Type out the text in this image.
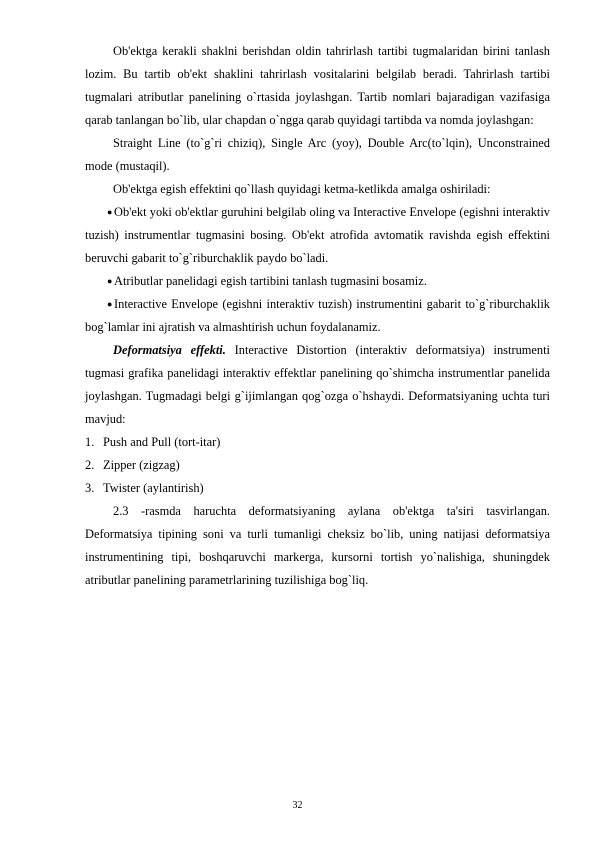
Ob'ektga kerakli shaklni berishdan oldin tahrirlash tartibi tugmalaridan birini tanlash lozim. Bu tartib ob'ekt shaklini tahrirlash vositalarini belgilab beradi. Tahrirlash tartibi tugmalari atributlar panelining o`rtasida joylashgan. Tartib nomlari bajaradigan vazifasiga qarab tanlangan bo`lib, ular chapdan o`ngga qarab quyidagi tartibda va nomda joylashgan:

Straight Line (to`g`ri chiziq), Single Arc (yoy), Double Arc(to`lqin), Unconstrained mode (mustaqil).

Ob'ektga egish effektini qo`llash quyidagi ketma-ketlikda amalga oshiriladi:

● Ob'ekt yoki ob'ektlar guruhini belgilab oling va Interactive Envelope (egishni interaktiv tuzish) instrumentlar tugmasini bosing. Ob'ekt atrofida avtomatik ravishda egish effektini beruvchi gabarit to`g`riburchaklik paydo bo`ladi.

● Atributlar panelidagi egish tartibini tanlash tugmasini bosamiz.

● Interactive Envelope (egishni interaktiv tuzish) instrumentini gabarit to`g`riburchaklik bog`lamlar ini ajratish va almashtirish uchun foydalanamiz.

Deformatsiya effekti. Interactive Distortion (interaktiv deformatsiya) instrumenti tugmasi grafika panelidagi interaktiv effektlar panelining qo`shimcha instrumentlar panelida joylashgan. Tugmadagi belgi g`ijimlangan qog`ozga o`hshaydi. Deformatsiyaning uchta turi mavjud:

1. Push and Pull (tort-itar)
2. Zipper (zigzag)
3. Twister (aylantirish)

2.3 -rasmda haruchta deformatsiyaning aylana ob'ektga ta'siri tasvirlangan. Deformatsiya tipining soni va turli tumanligi cheksiz bo`lib, uning natijasi deformatsiya instrumentining tipi, boshqaruvchi markerga, kursorni tortish yo`nalishiga, shuningdek atributlar panelining parametrlarining tuzilishiga bog`liq.

32
